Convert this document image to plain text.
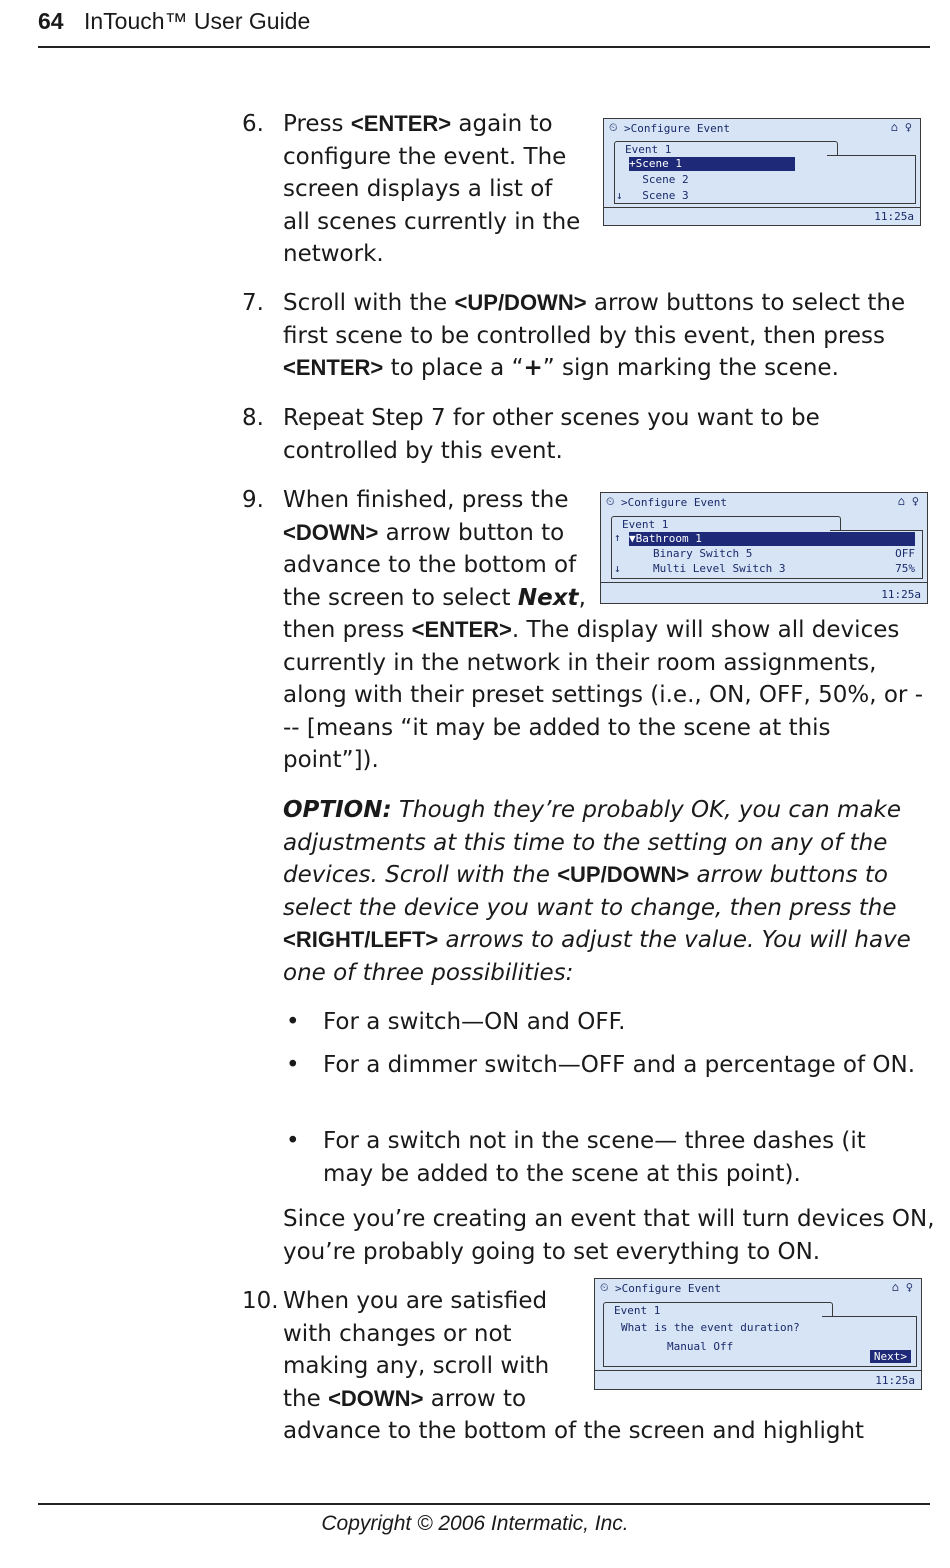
64 InTouch™ User Guide
6. Press <ENTER> again to
configure the event. The
screen displays a list of
all scenes currently in the
network.
⏲ >Configure Event	⌂ ♀
Event 1
+Scene 1
Scene 2
Scene 3
↓
11:25a
7. Scroll with the <UP/DOWN> arrow buttons to select the first scene to be controlled by this event, then press <ENTER> to place a “+” sign marking the scene.
8. Repeat Step 7 for other scenes you want to be controlled by this event.
9. When finished, press the
<DOWN> arrow button to
advance to the bottom of
the screen to select Next,
then press <ENTER>. The display will show all devices currently in the network in their room assignments, along with their preset settings (i.e., ON, OFF, 50%, or --- [means “it may be added to the scene at this point”]).
⏲ >Configure Event	⌂ ♀
Event 1
↑ ▼Bathroom 1
Binary Switch 5	OFF
↓	Multi Level Switch 3	75%
11:25a
OPTION: Though they’re probably OK, you can make adjustments at this time to the setting on any of the devices. Scroll with the <UP/DOWN> arrow buttons to select the device you want to change, then press the <RIGHT/LEFT> arrows to adjust the value. You will have one of three possibilities:
• For a switch—ON and OFF.
• For a dimmer switch—OFF and a percentage of ON.
• For a switch not in the scene— three dashes (it may be added to the scene at this point).
Since you’re creating an event that will turn devices ON, you’re probably going to set everything to ON.
10. When you are satisfied
with changes or not
making any, scroll with
the <DOWN> arrow to
advance to the bottom of the screen and highlight
⏲ >Configure Event	⌂ ♀
Event 1
What is the event duration?
Manual Off
Next>
11:25a
Copyright © 2006 Intermatic, Inc.
